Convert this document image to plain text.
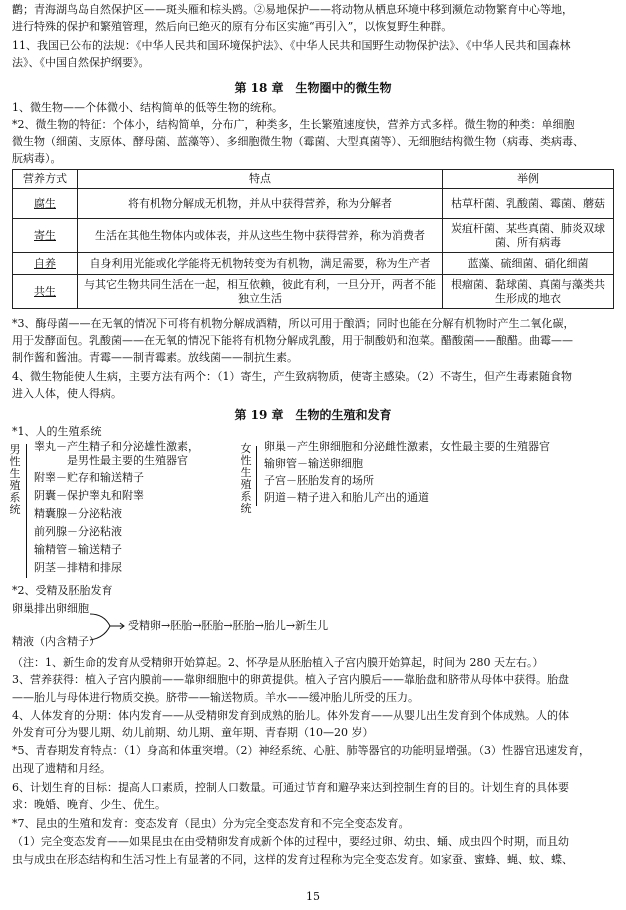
鹳；青海湖鸟岛自然保护区——斑头雁和棕头鸥。②易地保护——将动物从栖息环境中移到濒危动物繁育中心等地，
进行特殊的保护和繁殖管理，然后向已绝灭的原有分布区实施“再引入”，以恢复野生种群。
11、我国已公布的法规：《中华人民共和国环境保护法》、《中华人民共和国野生动物保护法》、《中华人民共和国森林
法》、《中国自然保护纲要》。
第 18 章　生物圈中的微生物
1、微生物——个体微小、结构简单的低等生物的统称。
*2、微生物的特征：个体小，结构简单，分布广，种类多，生长繁殖速度快，营养方式多样。微生物的种类：单细胞
微生物（细菌、支原体、酵母菌、蓝藻等）、多细胞微生物（霉菌、大型真菌等）、无细胞结构微生物（病毒、类病毒、
朊病毒）。
营养方式	特点	举例
腐生	将有机物分解成无机物，并从中获得营养，称为分解者	枯草杆菌、乳酸菌、霉菌、蘑菇
寄生	生活在其他生物体内或体表，并从这些生物中获得营养，称为消费者	炭疽杆菌、某些真菌、肺炎双球菌、所有病毒
自养	自身利用光能或化学能将无机物转变为有机物，满足需要，称为生产者	蓝藻、硫细菌、硝化细菌
共生	与其它生物共同生活在一起，相互依赖，彼此有利，一旦分开，两者不能独立生活	根瘤菌、黏球菌、真菌与藻类共生形成的地衣
*3、酶母菌——在无氧的情况下可将有机物分解成酒精，所以可用于酿酒；同时也能在分解有机物时产生二氧化碳，
用于发酵面包。乳酸菌——在无氧的情况下能将有机物分解成乳酸，用于制酸奶和泡菜。醋酸菌——酿醋。曲霉——
制作酱和酱油。青霉——制青霉素。放线菌——制抗生素。
4、微生物能使人生病，主要方法有两个：（1）寄生，产生致病物质，使寄主感染。（2）不寄生，但产生毒素随食物
进入人体，使人得病。
第 19 章　生物的生殖和发育
*1、人的生殖系统
男性生殖系统
睾丸－产生精子和分泌雄性激素，
　　　是男性最主要的生殖器官
附睾－贮存和输送精子
阴囊－保护睾丸和附睾
精囊腺－分泌粘液
前列腺－分泌粘液
输精管－输送精子
阴茎－排精和排尿
女性生殖系统
卵巢－产生卵细胞和分泌雌性激素，女性最主要的生殖器官
输卵管－输送卵细胞
子宫－胚胎发育的场所
阴道－精子进入和胎儿产出的通道
*2、受精及胚胎发育
卵巢排出卵细胞
精液（内含精子）
受精卵→胚胎→胚胎→胚胎→胎儿→新生儿
（注：1、新生命的发育从受精卵开始算起。2、怀孕是从胚胎植入子宫内膜开始算起，时间为 280 天左右。）
3、营养获得：植入子宫内膜前——靠卵细胞中的卵黄提供。植入子宫内膜后——靠胎盘和脐带从母体中获得。胎盘
——胎儿与母体进行物质交换。脐带——输送物质。羊水——缓冲胎儿所受的压力。
4、人体发育的分期：体内发育——从受精卵发育到成熟的胎儿。体外发育——从婴儿出生发育到个体成熟。人的体
外发育可分为婴儿期、幼儿前期、幼儿期、童年期、青春期（10—20 岁）
*5、青春期发育特点：（1）身高和体重突增。（2）神经系统、心脏、肺等器官的功能明显增强。（3）性器官迅速发育，
出现了遗精和月经。
6、计划生育的目标：提高人口素质，控制人口数量。可通过节育和避孕来达到控制生育的目的。计划生育的具体要
求：晚婚、晚育、少生、优生。
*7、昆虫的生殖和发育：变态发育（昆虫）分为完全变态发育和不完全变态发育。
（1）完全变态发育——如果昆虫在由受精卵发育成新个体的过程中，要经过卵、幼虫、蛹、成虫四个时期，而且幼
虫与成虫在形态结构和生活习性上有显著的不同，这样的发育过程称为完全变态发育。如家蚕、蜜蜂、蝇、蚊、蝶、
15
